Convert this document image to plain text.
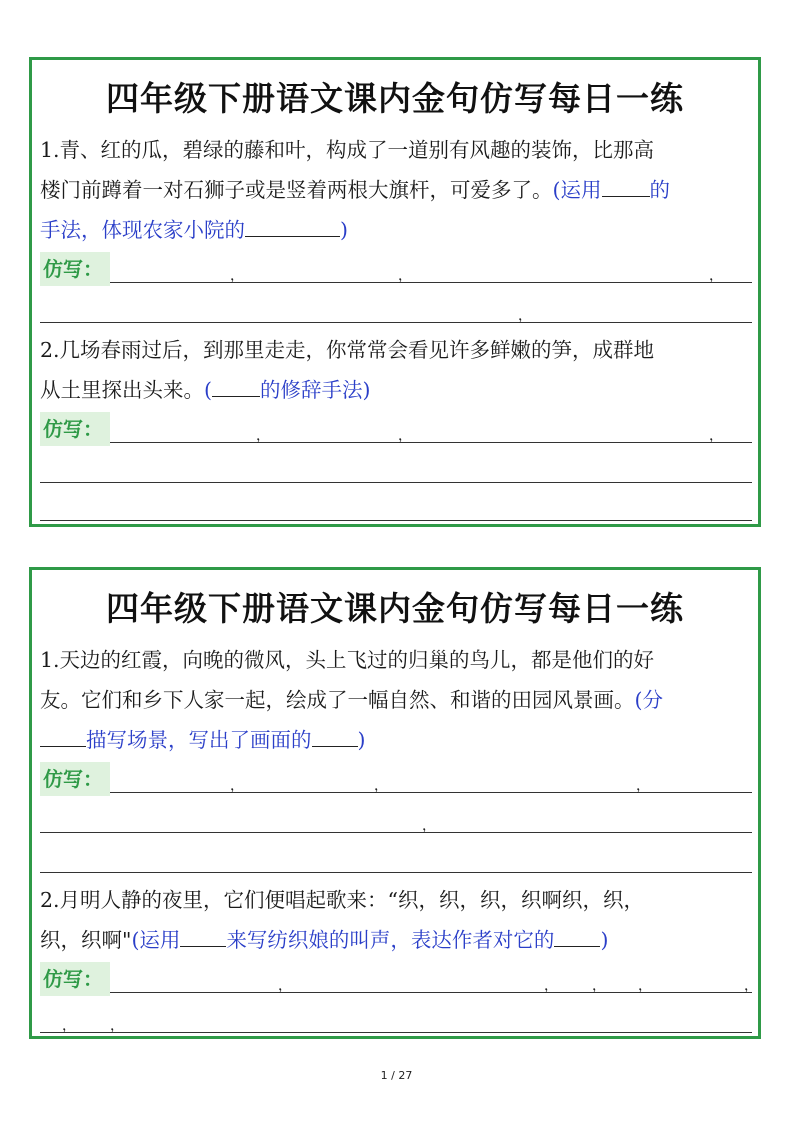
四年级下册语文课内金句仿写每日一练
1.青、红的瓜，碧绿的藤和叶，构成了一道别有风趣的装饰，比那高
楼门前蹲着一对石狮子或是竖着两根大旗杆，可爱多了。(运用 的
手法，体现农家小院的	)
仿写：	，	，	，
，
2.几场春雨过后，到那里走走，你常常会看见许多鲜嫩的笋，成群地
从土里探出头来。( 的修辞手法)
仿写：	，	，	，
四年级下册语文课内金句仿写每日一练
1.天边的红霞，向晚的微风，头上飞过的归巢的鸟儿，都是他们的好
友。它们和乡下人家一起，绘成了一幅自然、和谐的田园风景画。(分
描写场景，写出了画面的 )
仿写：	，	，	，
，
2.月明人静的夜里，它们便唱起歌来：“织，织，织，织啊织，织，
织，织啊"(运用 来写纺织娘的叫声，表达作者对它的 )
仿写：	，	， ， ，	，
， ，
1 / 27
